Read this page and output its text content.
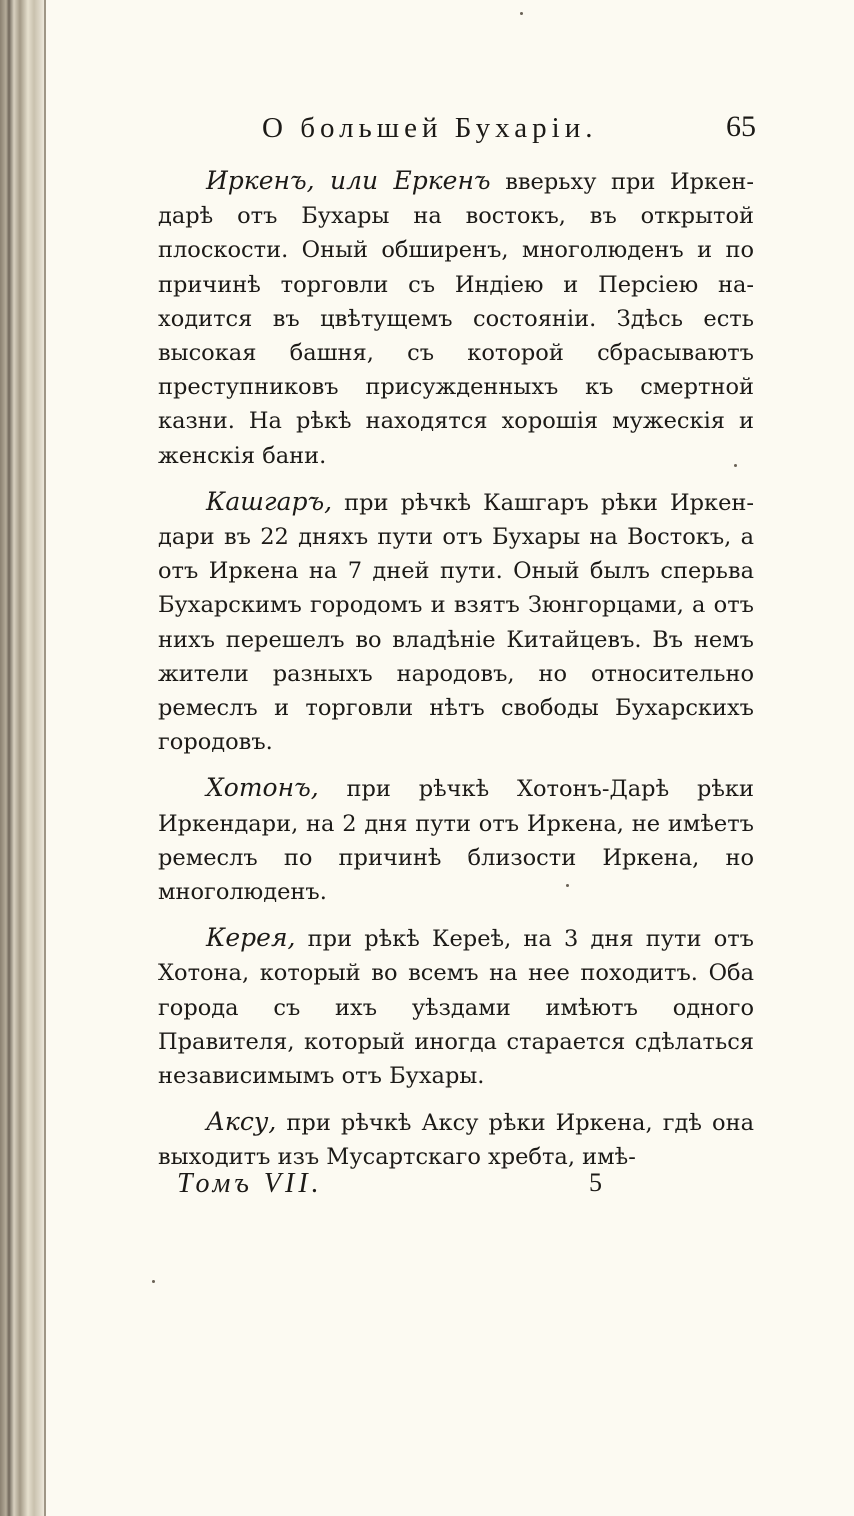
О большей Бухарiи.	65

Иркенъ, или Еркенъ вверьху при Иркендарѣ отъ Бухары на востокъ, въ открытой плоскости. Оный обширенъ, многолюденъ и по причинѣ торговли съ Индiею и Персiею находится въ цвѣтущемъ состоянiи. Здѣсь есть высокая башня, съ которой сбрасываютъ преступниковъ присужденныхъ къ смертной казни. На рѣкѣ находятся хорошiя мужескiя и женскiя бани.

Кашгаръ, при рѣчкѣ Кашгаръ рѣки Иркендари въ 22 дняхъ пути отъ Бухары на Востокъ, а отъ Иркена на 7 дней пути. Оный былъ сперьва Бухарскимъ городомъ и взятъ Зюнгорцами, а отъ нихъ перешелъ во владѣнiе Китайцевъ. Въ немъ жители разныхъ народовъ, но относительно ремеслъ и торговли нѣтъ свободы Бухарскихъ городовъ.

Хотонъ, при рѣчкѣ Хотонъ-Дарѣ рѣки Иркендари, на 2 дня пути отъ Иркена, не имѣетъ ремеслъ по причинѣ близости Иркена, но многолюденъ.

Керея, при рѣкѣ Кереѣ, на 3 дня пути отъ Хотона, который во всемъ на нее походитъ. Оба города съ ихъ уѣздами имѣютъ одного Правителя, который иногда старается сдѣлаться независимымъ отъ Бухары.

Аксу, при рѣчкѣ Аксу рѣки Иркена, гдѣ она выходитъ изъ Мусартскаго хребта, имѣ-

Томъ VII.	5
